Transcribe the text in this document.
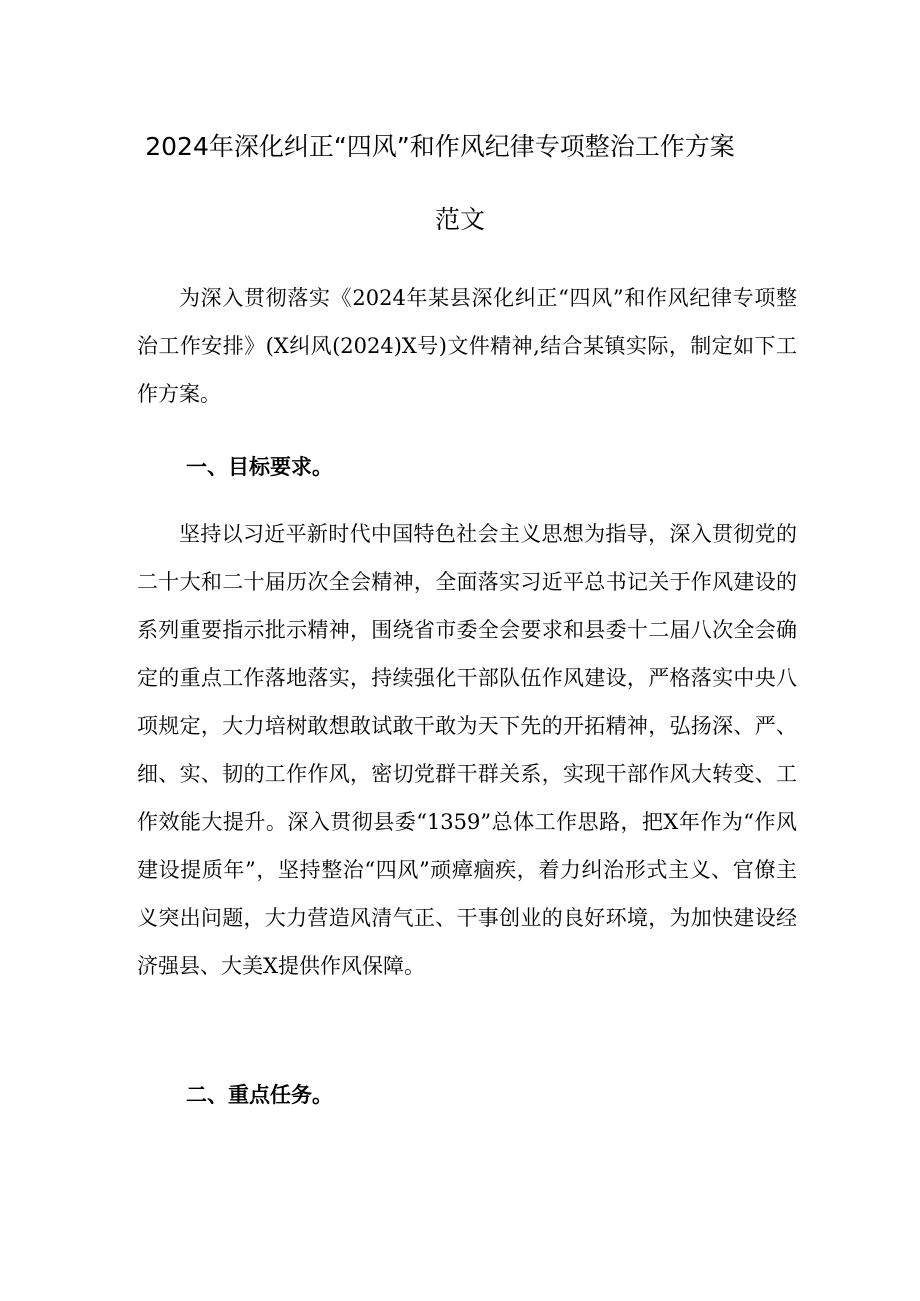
2024年深化纠正“四风”和作风纪律专项整治工作方案
范文
为深入贯彻落实《2024年某县深化纠正“四风”和作风纪律专项整治工作安排》(X纠风(2024)X号)文件精神,结合某镇实际，制定如下工作方案。
一、目标要求。
坚持以习近平新时代中国特色社会主义思想为指导，深入贯彻党的二十大和二十届历次全会精神，全面落实习近平总书记关于作风建设的系列重要指示批示精神，围绕省市委全会要求和县委十二届八次全会确定的重点工作落地落实，持续强化干部队伍作风建设，严格落实中央八项规定，大力培树敢想敢试敢干敢为天下先的开拓精神，弘扬深、严、细、实、韧的工作作风，密切党群干群关系，实现干部作风大转变、工作效能大提升。深入贯彻县委“1359”总体工作思路，把X年作为“作风建设提质年”，坚持整治“四风”顽瘴痼疾，着力纠治形式主义、官僚主义突出问题，大力营造风清气正、干事创业的良好环境，为加快建设经济强县、大美X提供作风保障。
二、重点任务。
